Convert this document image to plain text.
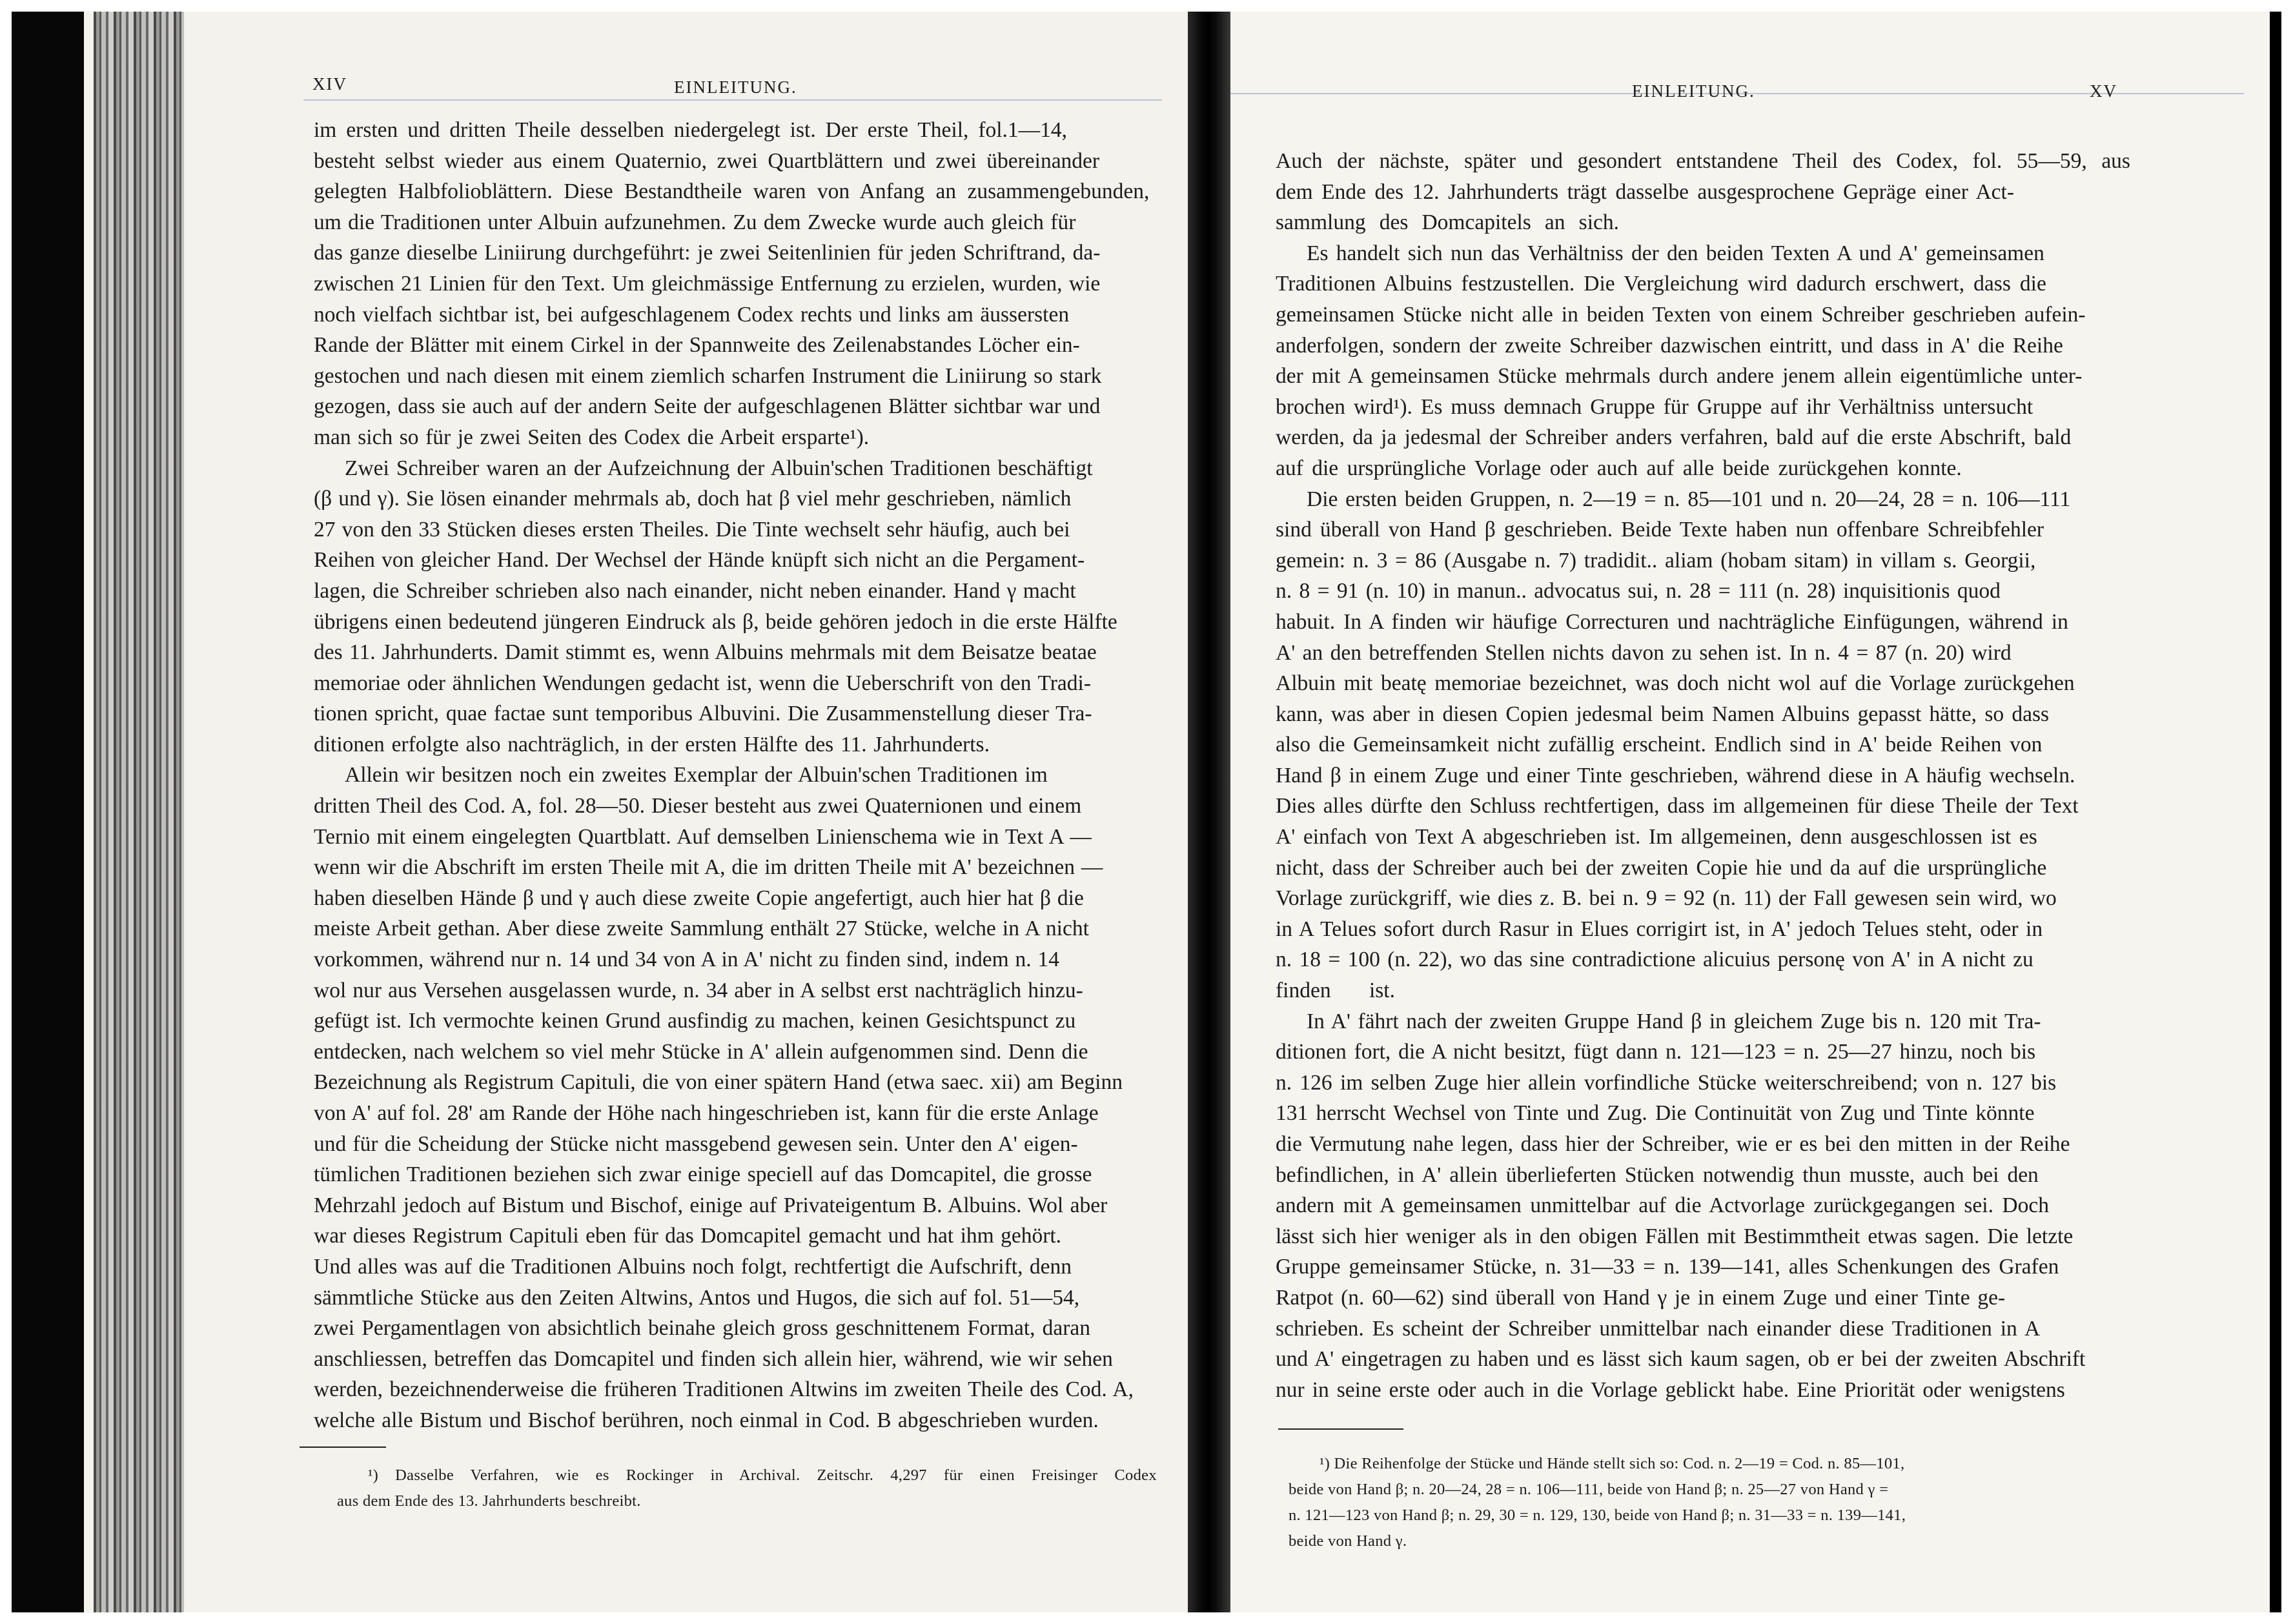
XIV	EINLEITUNG.

im ersten und dritten Theile desselben niedergelegt ist. Der erste Theil, fol.1—14,

besteht selbst wieder aus einem Quaternio, zwei Quartblättern und zwei übereinander

gelegten Halbfolioblättern. Diese Bestandtheile waren von Anfang an zusammengebunden,

um die Traditionen unter Albuin aufzunehmen. Zu dem Zwecke wurde auch gleich für

das ganze dieselbe Liniirung durchgeführt: je zwei Seitenlinien für jeden Schriftrand, da-

zwischen 21 Linien für den Text. Um gleichmässige Entfernung zu erzielen, wurden, wie

noch vielfach sichtbar ist, bei aufgeschlagenem Codex rechts und links am äussersten

Rande der Blätter mit einem Cirkel in der Spannweite des Zeilenabstandes Löcher ein-

gestochen und nach diesen mit einem ziemlich scharfen Instrument die Liniirung so stark

gezogen, dass sie auch auf der andern Seite der aufgeschlagenen Blätter sichtbar war und

man sich so für je zwei Seiten des Codex die Arbeit ersparte¹).

Zwei Schreiber waren an der Aufzeichnung der Albuin'schen Traditionen beschäftigt

(β und γ). Sie lösen einander mehrmals ab, doch hat β viel mehr geschrieben, nämlich

27 von den 33 Stücken dieses ersten Theiles. Die Tinte wechselt sehr häufig, auch bei

Reihen von gleicher Hand. Der Wechsel der Hände knüpft sich nicht an die Pergament-

lagen, die Schreiber schrieben also nach einander, nicht neben einander. Hand γ macht

übrigens einen bedeutend jüngeren Eindruck als β, beide gehören jedoch in die erste Hälfte

des 11. Jahrhunderts. Damit stimmt es, wenn Albuins mehrmals mit dem Beisatze beatae

memoriae oder ähnlichen Wendungen gedacht ist, wenn die Ueberschrift von den Tradi-

tionen spricht, quae factae sunt temporibus Albuvini. Die Zusammenstellung dieser Tra-

ditionen erfolgte also nachträglich, in der ersten Hälfte des 11. Jahrhunderts.

Allein wir besitzen noch ein zweites Exemplar der Albuin'schen Traditionen im

dritten Theil des Cod. A, fol. 28—50. Dieser besteht aus zwei Quaternionen und einem

Ternio mit einem eingelegten Quartblatt. Auf demselben Linienschema wie in Text A —

wenn wir die Abschrift im ersten Theile mit A, die im dritten Theile mit A' bezeichnen —

haben dieselben Hände β und γ auch diese zweite Copie angefertigt, auch hier hat β die

meiste Arbeit gethan. Aber diese zweite Sammlung enthält 27 Stücke, welche in A nicht

vorkommen, während nur n. 14 und 34 von A in A' nicht zu finden sind, indem n. 14

wol nur aus Versehen ausgelassen wurde, n. 34 aber in A selbst erst nachträglich hinzu-

gefügt ist. Ich vermochte keinen Grund ausfindig zu machen, keinen Gesichtspunct zu

entdecken, nach welchem so viel mehr Stücke in A' allein aufgenommen sind. Denn die

Bezeichnung als Registrum Capituli, die von einer spätern Hand (etwa saec. xii) am Beginn

von A' auf fol. 28' am Rande der Höhe nach hingeschrieben ist, kann für die erste Anlage

und für die Scheidung der Stücke nicht massgebend gewesen sein. Unter den A' eigen-

tümlichen Traditionen beziehen sich zwar einige speciell auf das Domcapitel, die grosse

Mehrzahl jedoch auf Bistum und Bischof, einige auf Privateigentum B. Albuins. Wol aber

war dieses Registrum Capituli eben für das Domcapitel gemacht und hat ihm gehört.

Und alles was auf die Traditionen Albuins noch folgt, rechtfertigt die Aufschrift, denn

sämmtliche Stücke aus den Zeiten Altwins, Antos und Hugos, die sich auf fol. 51—54,

zwei Pergamentlagen von absichtlich beinahe gleich gross geschnittenem Format, daran

anschliessen, betreffen das Domcapitel und finden sich allein hier, während, wie wir sehen

werden, bezeichnenderweise die früheren Traditionen Altwins im zweiten Theile des Cod. A,

welche alle Bistum und Bischof berühren, noch einmal in Cod. B abgeschrieben wurden.

¹) Dasselbe Verfahren, wie es Rockinger in Archival. Zeitschr. 4,297 für einen Freisinger Codex

aus dem Ende des 13. Jahrhunderts beschreibt.

EINLEITUNG.	XV

Auch der nächste, später und gesondert entstandene Theil des Codex, fol. 55—59, aus

dem Ende des 12. Jahrhunderts trägt dasselbe ausgesprochene Gepräge einer Act-

sammlung des Domcapitels an sich.

Es handelt sich nun das Verhältniss der den beiden Texten A und A' gemeinsamen

Traditionen Albuins festzustellen. Die Vergleichung wird dadurch erschwert, dass die

gemeinsamen Stücke nicht alle in beiden Texten von einem Schreiber geschrieben aufein-

anderfolgen, sondern der zweite Schreiber dazwischen eintritt, und dass in A' die Reihe

der mit A gemeinsamen Stücke mehrmals durch andere jenem allein eigentümliche unter-

brochen wird¹). Es muss demnach Gruppe für Gruppe auf ihr Verhältniss untersucht

werden, da ja jedesmal der Schreiber anders verfahren, bald auf die erste Abschrift, bald

auf die ursprüngliche Vorlage oder auch auf alle beide zurückgehen konnte.

Die ersten beiden Gruppen, n. 2—19 = n. 85—101 und n. 20—24, 28 = n. 106—111

sind überall von Hand β geschrieben. Beide Texte haben nun offenbare Schreibfehler

gemein: n. 3 = 86 (Ausgabe n. 7) tradidit.. aliam (hobam sitam) in villam s. Georgii,

n. 8 = 91 (n. 10) in manun.. advocatus sui, n. 28 = 111 (n. 28) inquisitionis quod

habuit. In A finden wir häufige Correcturen und nachträgliche Einfügungen, während in

A' an den betreffenden Stellen nichts davon zu sehen ist. In n. 4 = 87 (n. 20) wird

Albuin mit beatę memoriae bezeichnet, was doch nicht wol auf die Vorlage zurückgehen

kann, was aber in diesen Copien jedesmal beim Namen Albuins gepasst hätte, so dass

also die Gemeinsamkeit nicht zufällig erscheint. Endlich sind in A' beide Reihen von

Hand β in einem Zuge und einer Tinte geschrieben, während diese in A häufig wechseln.

Dies alles dürfte den Schluss rechtfertigen, dass im allgemeinen für diese Theile der Text

A' einfach von Text A abgeschrieben ist. Im allgemeinen, denn ausgeschlossen ist es

nicht, dass der Schreiber auch bei der zweiten Copie hie und da auf die ursprüngliche

Vorlage zurückgriff, wie dies z. B. bei n. 9 = 92 (n. 11) der Fall gewesen sein wird, wo

in A Telues sofort durch Rasur in Elues corrigirt ist, in A' jedoch Telues steht, oder in

n. 18 = 100 (n. 22), wo das sine contradictione alicuius personę von A' in A nicht zu

finden ist.

In A' fährt nach der zweiten Gruppe Hand β in gleichem Zuge bis n. 120 mit Tra-

ditionen fort, die A nicht besitzt, fügt dann n. 121—123 = n. 25—27 hinzu, noch bis

n. 126 im selben Zuge hier allein vorfindliche Stücke weiterschreibend; von n. 127 bis

131 herrscht Wechsel von Tinte und Zug. Die Continuität von Zug und Tinte könnte

die Vermutung nahe legen, dass hier der Schreiber, wie er es bei den mitten in der Reihe

befindlichen, in A' allein überlieferten Stücken notwendig thun musste, auch bei den

andern mit A gemeinsamen unmittelbar auf die Actvorlage zurückgegangen sei. Doch

lässt sich hier weniger als in den obigen Fällen mit Bestimmtheit etwas sagen. Die letzte

Gruppe gemeinsamer Stücke, n. 31—33 = n. 139—141, alles Schenkungen des Grafen

Ratpot (n. 60—62) sind überall von Hand γ je in einem Zuge und einer Tinte ge-

schrieben. Es scheint der Schreiber unmittelbar nach einander diese Traditionen in A

und A' eingetragen zu haben und es lässt sich kaum sagen, ob er bei der zweiten Abschrift

nur in seine erste oder auch in die Vorlage geblickt habe. Eine Priorität oder wenigstens

¹) Die Reihenfolge der Stücke und Hände stellt sich so: Cod. n. 2—19 = Cod. n. 85—101,

beide von Hand β; n. 20—24, 28 = n. 106—111, beide von Hand β; n. 25—27 von Hand γ =

n. 121—123 von Hand β; n. 29, 30 = n. 129, 130, beide von Hand β; n. 31—33 = n. 139—141,

beide von Hand γ.
